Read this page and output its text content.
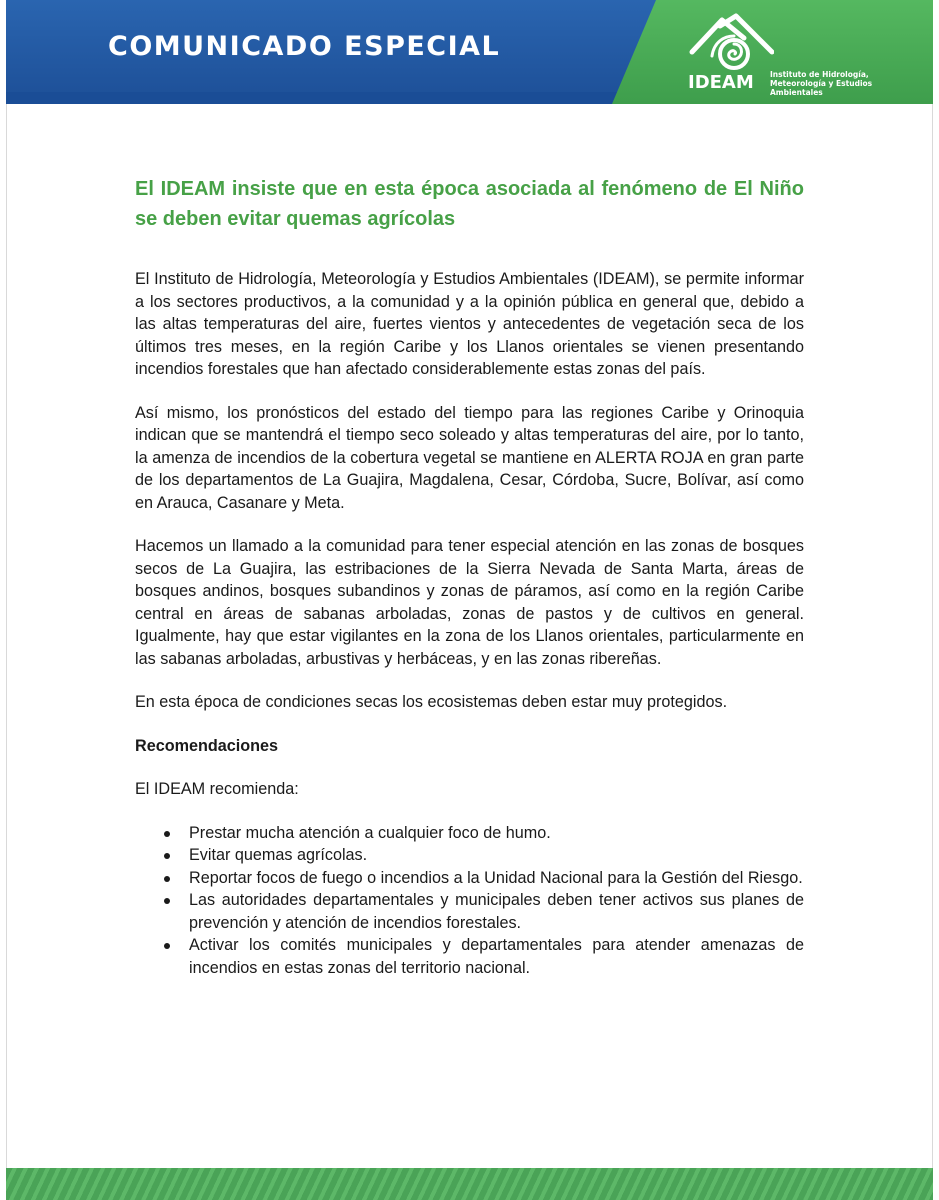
COMUNICADO ESPECIAL
IDEAM Instituto de Hidrología, Meteorología y Estudios Ambientales
El IDEAM insiste que en esta época asociada al fenómeno de El Niño se deben evitar quemas agrícolas

El Instituto de Hidrología, Meteorología y Estudios Ambientales (IDEAM), se permite informar a los sectores productivos, a la comunidad y a la opinión pública en general que, debido a las altas temperaturas del aire, fuertes vientos y antecedentes de vegetación seca de los últimos tres meses, en la región Caribe y los Llanos orientales se vienen presentando incendios forestales que han afectado considerablemente estas zonas del país.

Así mismo, los pronósticos del estado del tiempo para las regiones Caribe y Orinoquia indican que se mantendrá el tiempo seco soleado y altas temperaturas del aire, por lo tanto, la amenza de incendios de la cobertura vegetal se mantiene en ALERTA ROJA en gran parte de los departamentos de La Guajira, Magdalena, Cesar, Córdoba, Sucre, Bolívar, así como en Arauca, Casanare y Meta.

Hacemos un llamado a la comunidad para tener especial atención en las zonas de bosques secos de La Guajira, las estribaciones de la Sierra Nevada de Santa Marta, áreas de bosques andinos, bosques subandinos y zonas de páramos, así como en la región Caribe central en áreas de sabanas arboladas, zonas de pastos y de cultivos en general. Igualmente, hay que estar vigilantes en la zona de los Llanos orientales, particularmente en las sabanas arboladas, arbustivas y herbáceas, y en las zonas ribereñas.

En esta época de condiciones secas los ecosistemas deben estar muy protegidos.

Recomendaciones

El IDEAM recomienda:

Prestar mucha atención a cualquier foco de humo.
Evitar quemas agrícolas.
Reportar focos de fuego o incendios a la Unidad Nacional para la Gestión del Riesgo.
Las autoridades departamentales y municipales deben tener activos sus planes de prevención y atención de incendios forestales.
Activar los comités municipales y departamentales para atender amenazas de incendios en estas zonas del territorio nacional.
